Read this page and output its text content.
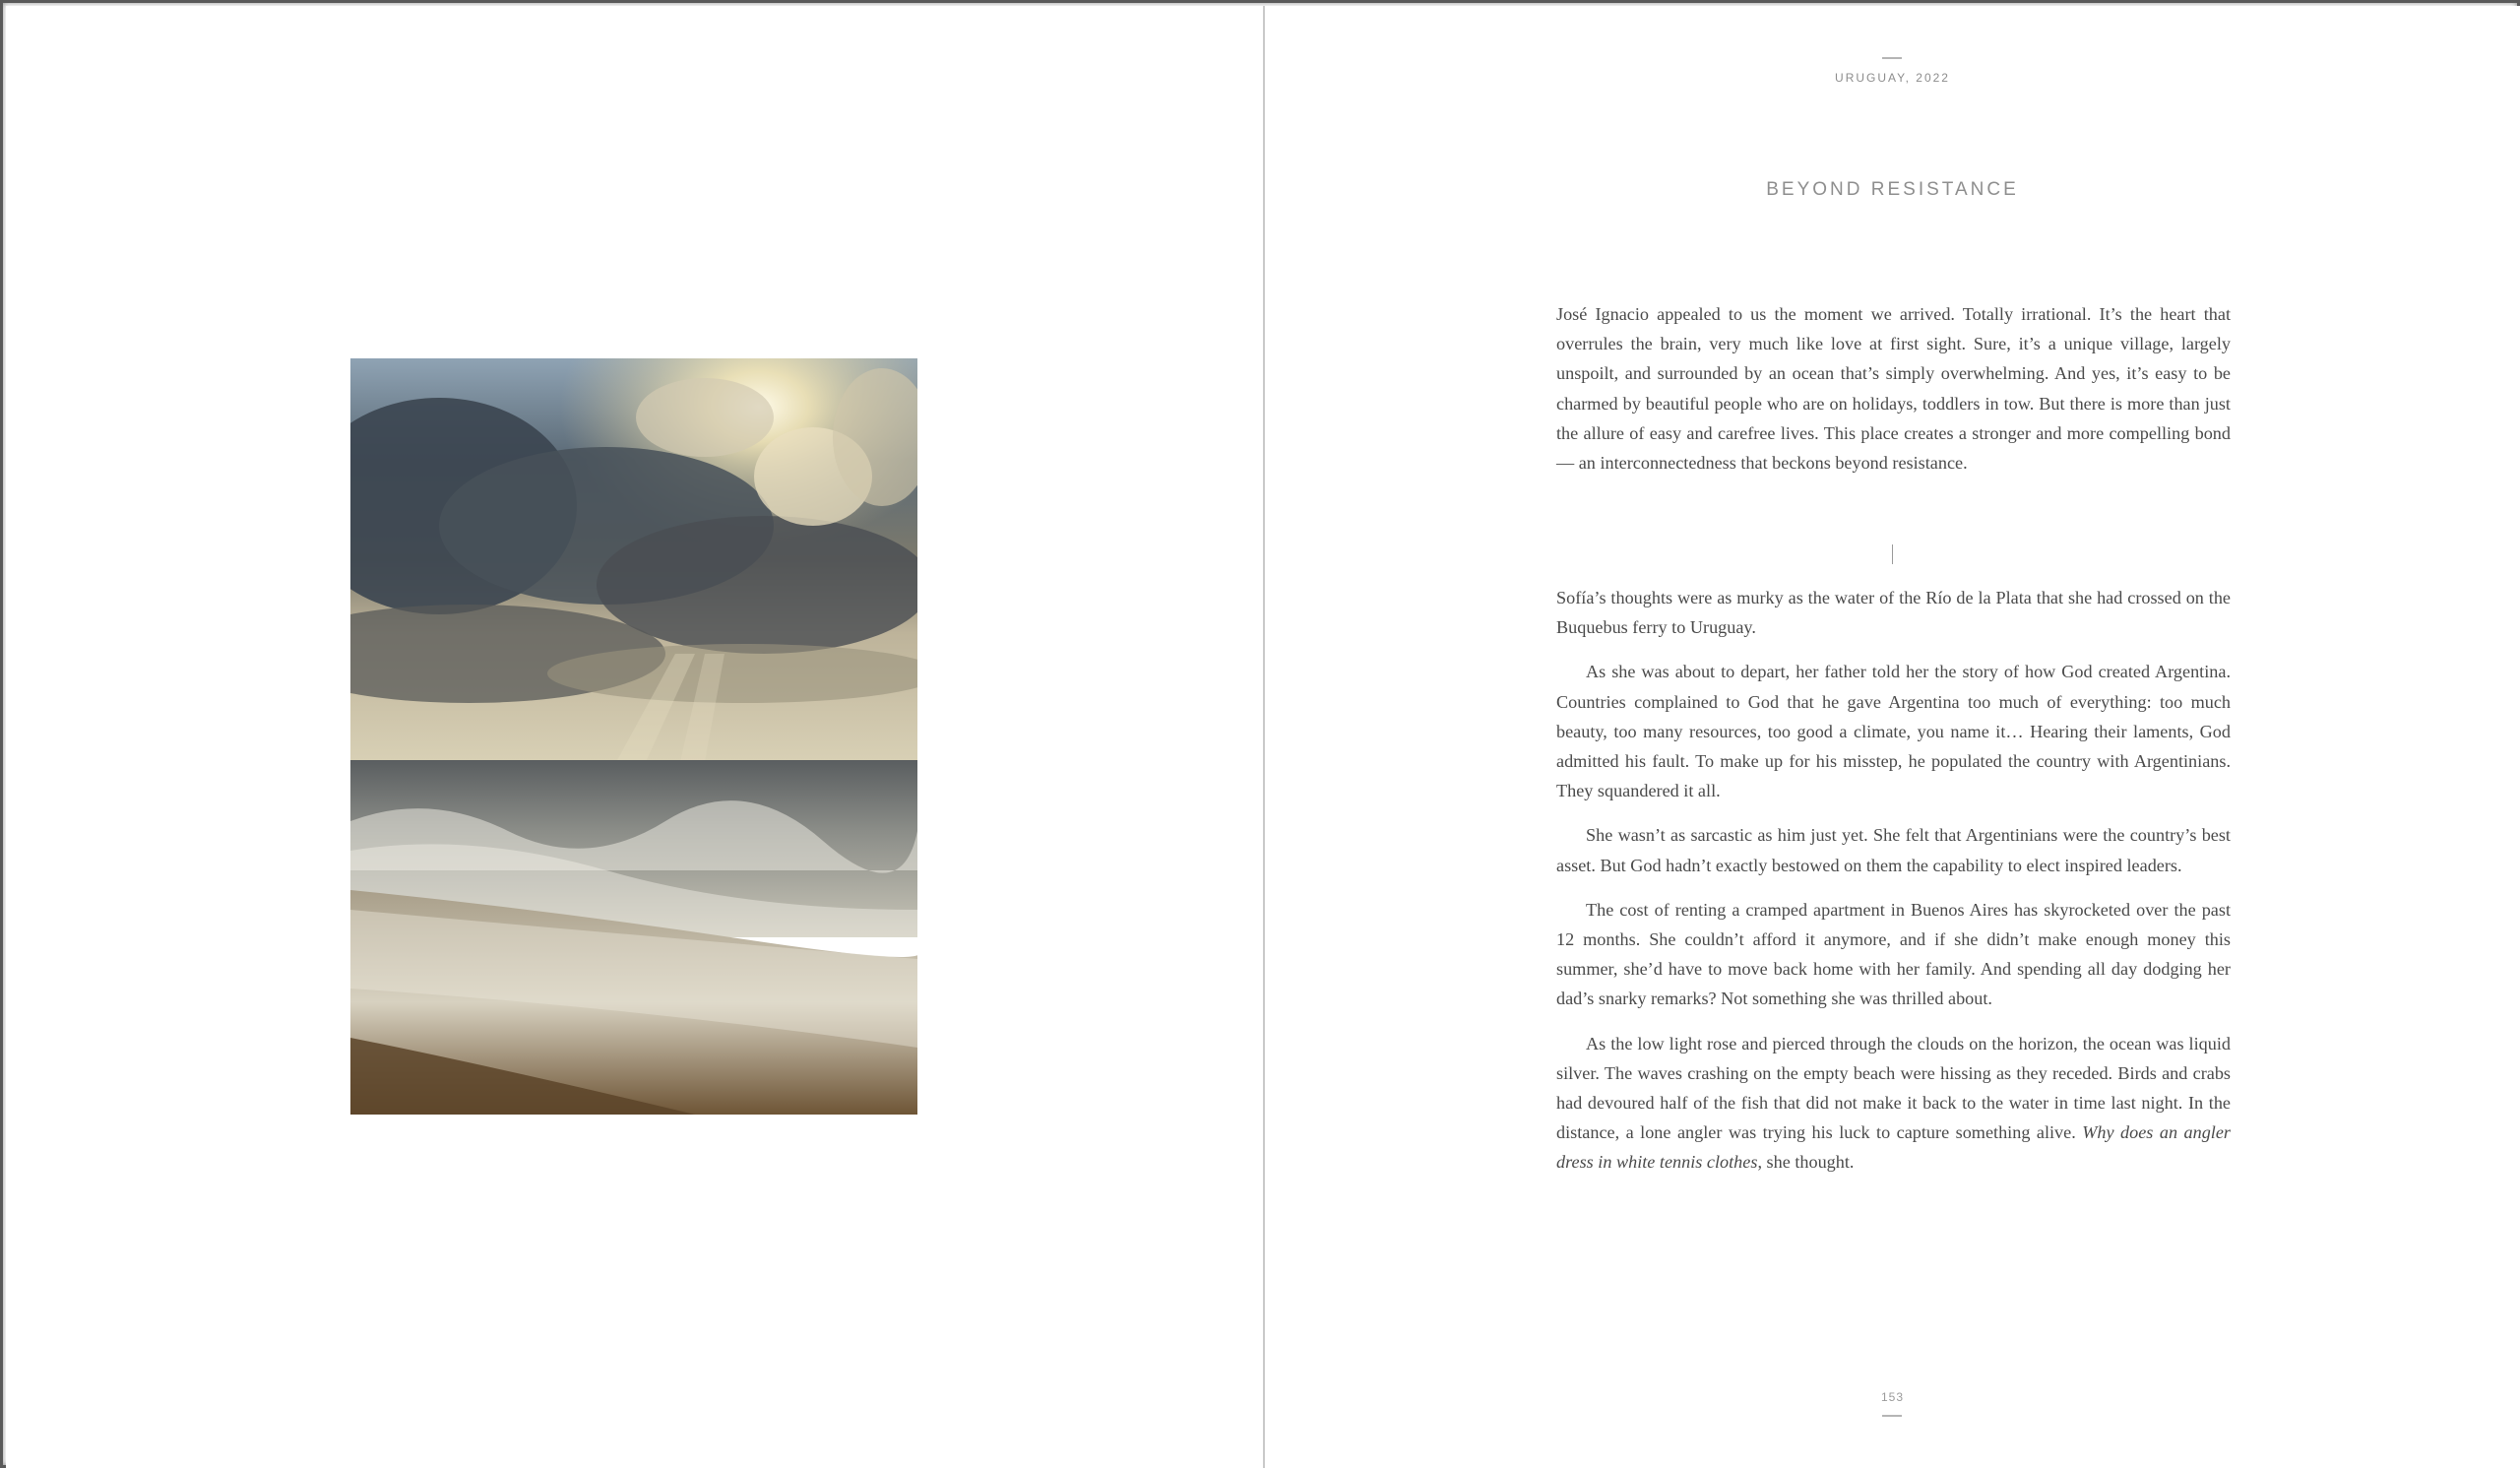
URUGUAY, 2022
BEYOND RESISTANCE

José Ignacio appealed to us the moment we arrived. Totally irrational. It’s the heart that overrules the brain, very much like love at first sight. Sure, it’s a unique village, largely unspoilt, and surrounded by an ocean that’s simply overwhelming. And yes, it’s easy to be charmed by beautiful people who are on holidays, toddlers in tow. But there is more than just the allure of easy and carefree lives. This place creates a stronger and more compelling bond — an interconnectedness that beckons beyond resistance.

Sofía’s thoughts were as murky as the water of the Río de la Plata that she had crossed on the Buquebus ferry to Uruguay.

As she was about to depart, her father told her the story of how God created Argentina. Countries complained to God that he gave Argentina too much of everything: too much beauty, too many resources, too good a climate, you name it… Hearing their laments, God admitted his fault. To make up for his misstep, he populated the country with Argentinians. They squandered it all.

She wasn’t as sarcastic as him just yet. She felt that Argentinians were the country’s best asset. But God hadn’t exactly bestowed on them the capability to elect inspired leaders.

The cost of renting a cramped apartment in Buenos Aires has skyrocketed over the past 12 months. She couldn’t afford it anymore, and if she didn’t make enough money this summer, she’d have to move back home with her family. And spending all day dodging her dad’s snarky remarks? Not something she was thrilled about.

As the low light rose and pierced through the clouds on the horizon, the ocean was liquid silver. The waves crashing on the empty beach were hissing as they receded. Birds and crabs had devoured half of the fish that did not make it back to the water in time last night. In the distance, a lone angler was trying his luck to capture something alive. Why does an angler dress in white tennis clothes, she thought.

153
